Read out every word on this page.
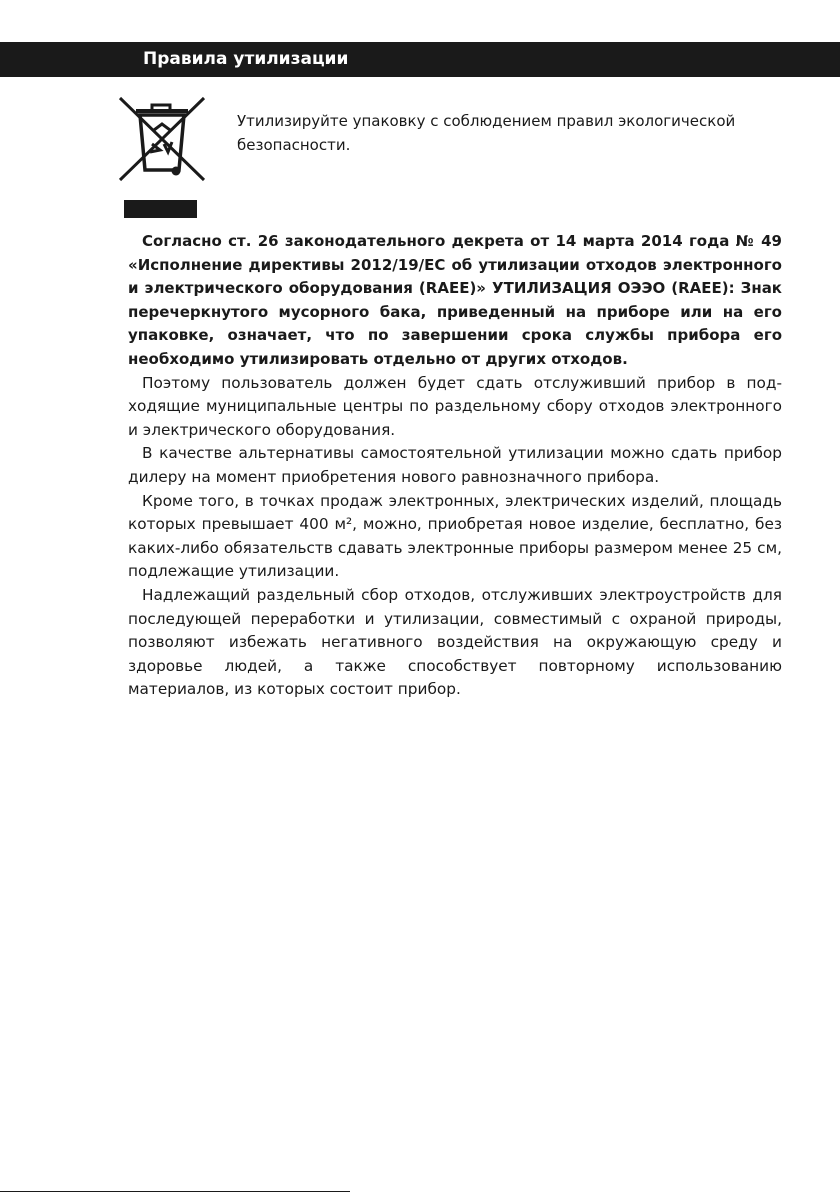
Правила утилизации

Утилизируйте упаковку с соблюдением правил экологической безопасности.

Согласно ст. 26 законодательного декрета от 14 марта 2014 года № 49 «Исполнение директивы 2012/19/ЕС об утилизации отходов электронного и электрического оборудования (RAEE)» УТИЛИЗАЦИЯ ОЭЭО (RAEE): Знак перечеркнутого мусорного бака, приведенный на приборе или на его упаковке, означает, что по завершении срока службы прибора его необходимо утилизировать отдельно от других отходов.

Поэтому пользователь должен будет сдать отслуживший прибор в подходящие муниципальные центры по раздельному сбору отходов электронного и электрического оборудования.

В качестве альтернативы самостоятельной утилизации можно сдать прибор дилеру на момент приобретения нового равнозначного прибора.

Кроме того, в точках продаж электронных, электрических изделий, площадь которых превышает 400 м², можно, приобретая новое изделие, бесплатно, без каких-либо обязательств сдавать электронные приборы размером менее 25 см, подлежащие утилизации.

Надлежащий раздельный сбор отходов, отслуживших электроустройств для последующей переработки и утилизации, совместимый с охраной природы, позволяют избежать негативного воздействия на окружающую среду и здоровье людей, а также способствует повторному использованию материалов, из которых состоит прибор.
